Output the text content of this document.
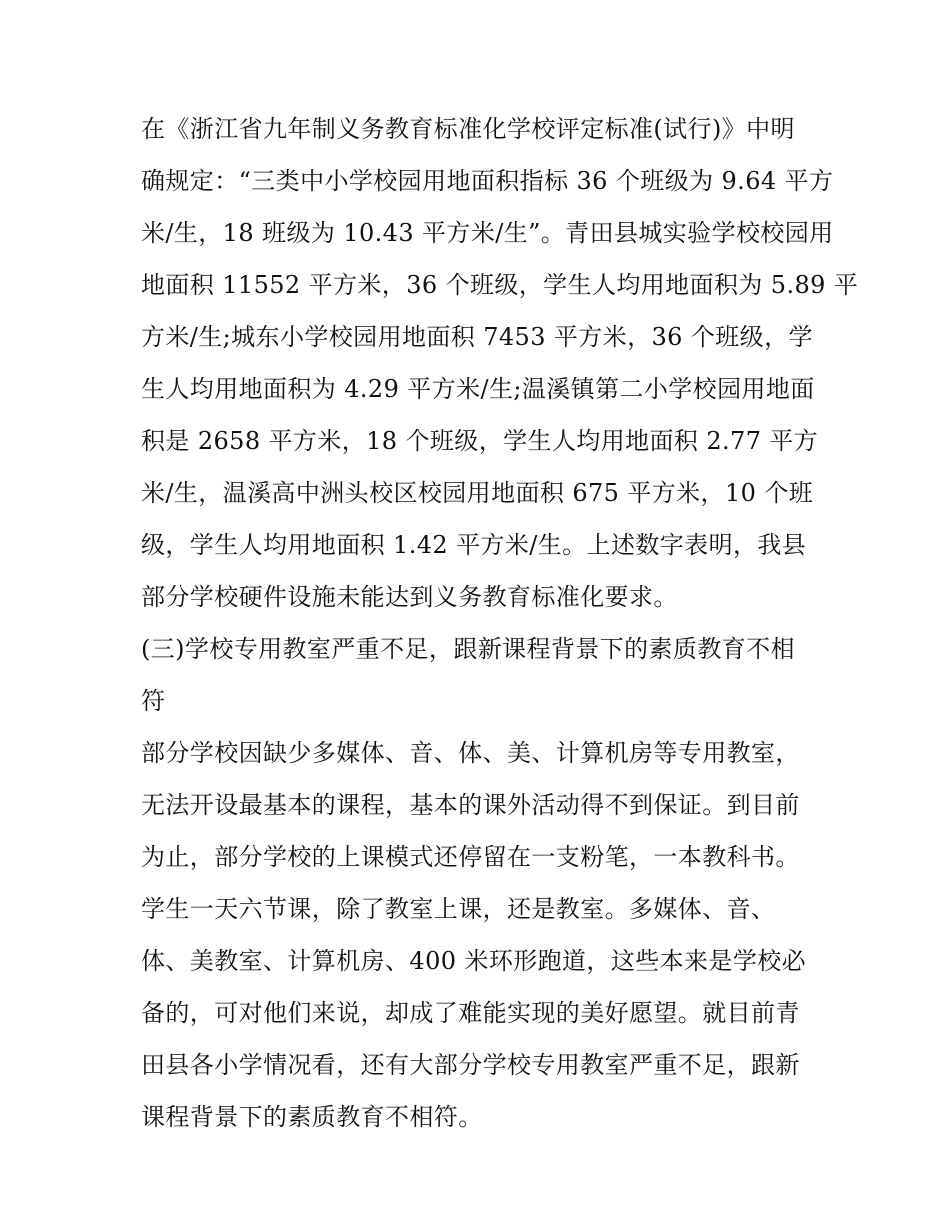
在《浙江省九年制义务教育标准化学校评定标准(试行)》中明
确规定：“三类中小学校园用地面积指标 36 个班级为 9.64 平方
米/生，18 班级为 10.43 平方米/生”。青田县城实验学校校园用
地面积 11552 平方米，36 个班级，学生人均用地面积为 5.89 平
方米/生;城东小学校园用地面积 7453 平方米，36 个班级，学
生人均用地面积为 4.29 平方米/生;温溪镇第二小学校园用地面
积是 2658 平方米，18 个班级，学生人均用地面积 2.77 平方
米/生，温溪高中洲头校区校园用地面积 675 平方米，10 个班
级，学生人均用地面积 1.42 平方米/生。上述数字表明，我县
部分学校硬件设施未能达到义务教育标准化要求。
(三)学校专用教室严重不足，跟新课程背景下的素质教育不相
符
部分学校因缺少多媒体、音、体、美、计算机房等专用教室，
无法开设最基本的课程，基本的课外活动得不到保证。到目前
为止，部分学校的上课模式还停留在一支粉笔，一本教科书。
学生一天六节课，除了教室上课，还是教室。多媒体、音、
体、美教室、计算机房、400 米环形跑道，这些本来是学校必
备的，可对他们来说，却成了难能实现的美好愿望。就目前青
田县各小学情况看，还有大部分学校专用教室严重不足，跟新
课程背景下的素质教育不相符。
